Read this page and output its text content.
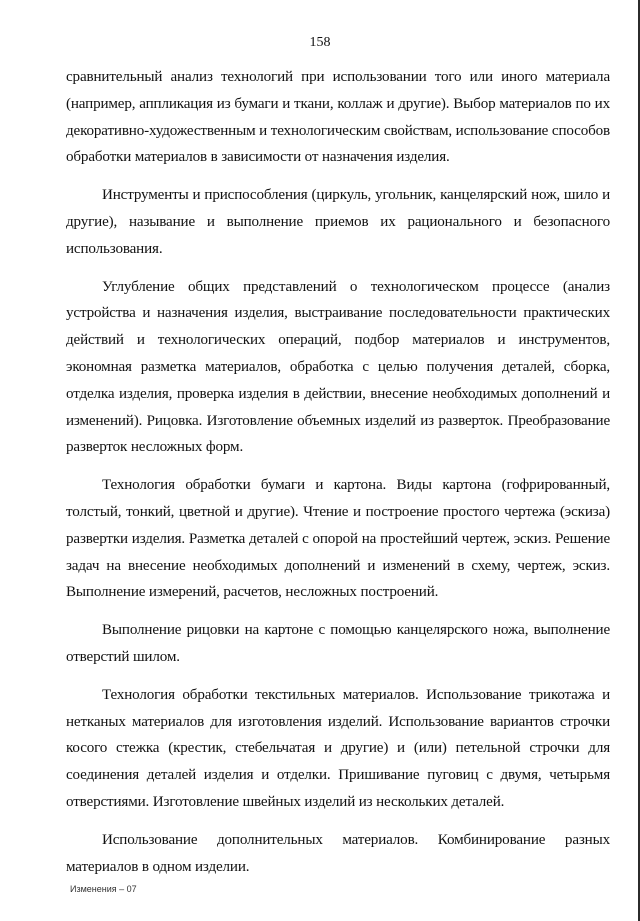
158

сравнительный анализ технологий при использовании того или иного материала (например, аппликация из бумаги и ткани, коллаж и другие). Выбор материалов по их декоративно-художественным и технологическим свойствам, использование способов обработки материалов в зависимости от назначения изделия.

Инструменты и приспособления (циркуль, угольник, канцелярский нож, шило и другие), называние и выполнение приемов их рационального и безопасного использования.

Углубление общих представлений о технологическом процессе (анализ устройства и назначения изделия, выстраивание последовательности практических действий и технологических операций, подбор материалов и инструментов, экономная разметка материалов, обработка с целью получения деталей, сборка, отделка изделия, проверка изделия в действии, внесение необходимых дополнений и изменений). Рицовка. Изготовление объемных изделий из разверток. Преобразование разверток несложных форм.

Технология обработки бумаги и картона. Виды картона (гофрированный, толстый, тонкий, цветной и другие). Чтение и построение простого чертежа (эскиза) развертки изделия. Разметка деталей с опорой на простейший чертеж, эскиз. Решение задач на внесение необходимых дополнений и изменений в схему, чертеж, эскиз. Выполнение измерений, расчетов, несложных построений.

Выполнение рицовки на картоне с помощью канцелярского ножа, выполнение отверстий шилом.

Технология обработки текстильных материалов. Использование трикотажа и нетканых материалов для изготовления изделий. Использование вариантов строчки косого стежка (крестик, стебельчатая и другие) и (или) петельной строчки для соединения деталей изделия и отделки. Пришивание пуговиц с двумя, четырьмя отверстиями. Изготовление швейных изделий из нескольких деталей.

Использование дополнительных материалов. Комбинирование разных материалов в одном изделии.

Изменения – 07
